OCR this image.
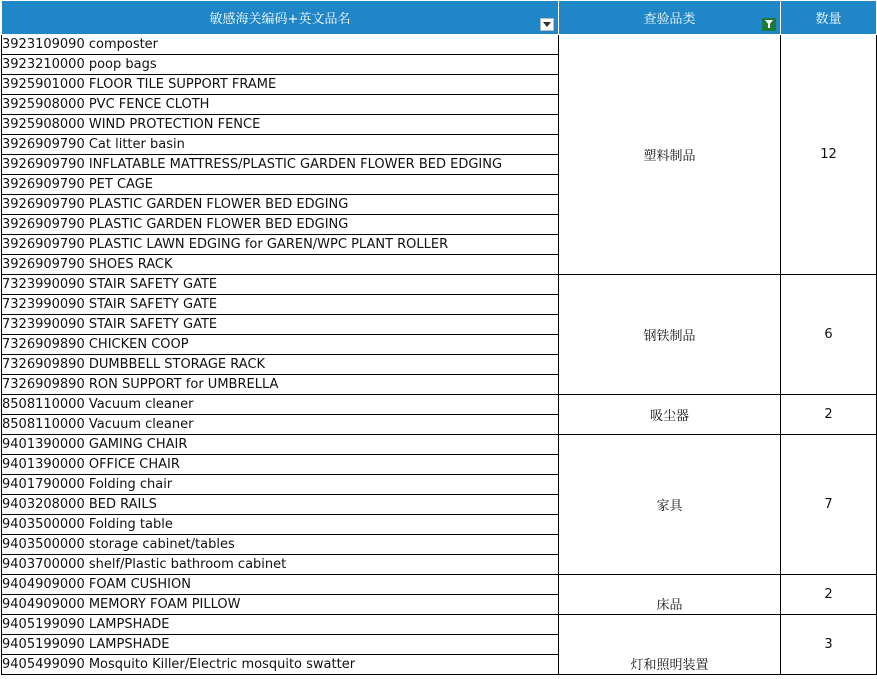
敏感海关编码+英文品名	查验品类	数量
3923109090 composter	塑料制品	12
3923210000 poop bags		
3925901000 FLOOR TILE SUPPORT FRAME		
3925908000 PVC FENCE CLOTH		
3925908000 WIND PROTECTION FENCE		
3926909790 Cat litter basin		
3926909790 INFLATABLE MATTRESS/PLASTIC GARDEN FLOWER BED EDGING		
3926909790 PET CAGE		
3926909790 PLASTIC GARDEN FLOWER BED EDGING		
3926909790 PLASTIC GARDEN FLOWER BED EDGING		
3926909790 PLASTIC LAWN EDGING for GAREN/WPC PLANT ROLLER		
3926909790 SHOES RACK		
7323990090 STAIR SAFETY GATE	钢铁制品	6
7323990090 STAIR SAFETY GATE		
7323990090 STAIR SAFETY GATE		
7326909890 CHICKEN COOP		
7326909890 DUMBBELL STORAGE RACK		
7326909890 RON SUPPORT for UMBRELLA		
8508110000 Vacuum cleaner	吸尘器	2
8508110000 Vacuum cleaner		
9401390000 GAMING CHAIR	家具	7
9401390000 OFFICE CHAIR		
9401790000 Folding chair		
9403208000 BED RAILS		
9403500000 Folding table		
9403500000 storage cabinet/tables		
9403700000 shelf/Plastic bathroom cabinet		
9404909000 FOAM CUSHION	床品	2
9404909000 MEMORY FOAM PILLOW		
9405199090 LAMPSHADE	灯和照明装置	3
9405199090 LAMPSHADE		
9405499090 Mosquito Killer/Electric mosquito swatter		
